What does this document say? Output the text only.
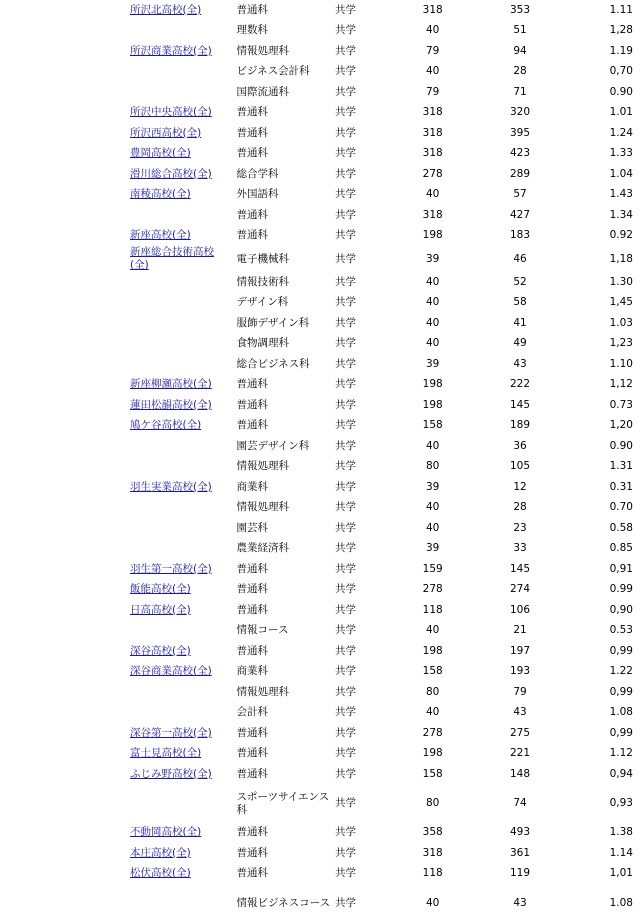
所沢北高校(全)	普通科	共学	318	353	1.11
	理数科	共学	40	51	1,28
所沢商業高校(全)	情報処理科	共学	79	94	1.19
	ビジネス会計科	共学	40	28	0,70
	国際流通科	共学	79	71	0.90
所沢中央高校(全)	普通科	共学	318	320	1.01
所沢西高校(全)	普通科	共学	318	395	1.24
豊岡高校(全)	普通科	共学	318	423	1.33
滑川総合高校(全)	総合学科	共学	278	289	1.04
南稜高校(全)	外国語科	共学	40	57	1.43
	普通科	共学	318	427	1.34
新座高校(全)	普通科	共学	198	183	0.92
新座総合技術高校(全)	電子機械科	共学	39	46	1,18
	情報技術科	共学	40	52	1.30
	デザイン科	共学	40	58	1,45
	服飾デザイン科	共学	40	41	1.03
	食物調理科	共学	40	49	1,23
	総合ビジネス科	共学	39	43	1.10
新座柳瀬高校(全)	普通科	共学	198	222	1,12
蓮田松韻高校(全)	普通科	共学	198	145	0.73
鳩ケ谷高校(全)	普通科	共学	158	189	1,20
	園芸デザイン科	共学	40	36	0.90
	情報処理科	共学	80	105	1.31
羽生実業高校(全)	商業科	共学	39	12	0.31
	情報処理科	共学	40	28	0.70
	園芸科	共学	40	23	0.58
	農業経済科	共学	39	33	0.85
羽生第一高校(全)	普通科	共学	159	145	0,91
飯能高校(全)	普通科	共学	278	274	0.99
日高高校(全)	普通科	共学	118	106	0,90
	情報コース	共学	40	21	0.53
深谷高校(全)	普通科	共学	198	197	0,99
深谷商業高校(全)	商業科	共学	158	193	1.22
	情報処理科	共学	80	79	0,99
	会計科	共学	40	43	1.08
深谷第一高校(全)	普通科	共学	278	275	0,99
富士見高校(全)	普通科	共学	198	221	1.12
ふじみ野高校(全)	普通科	共学	158	148	0,94
	スポーツサイエンス科	共学	80	74	0,93
不動岡高校(全)	普通科	共学	358	493	1.38
本庄高校(全)	普通科	共学	318	361	1.14
松伏高校(全)	普通科	共学	118	119	1,01
	情報ビジネスコース	共学	40	43	1.08
